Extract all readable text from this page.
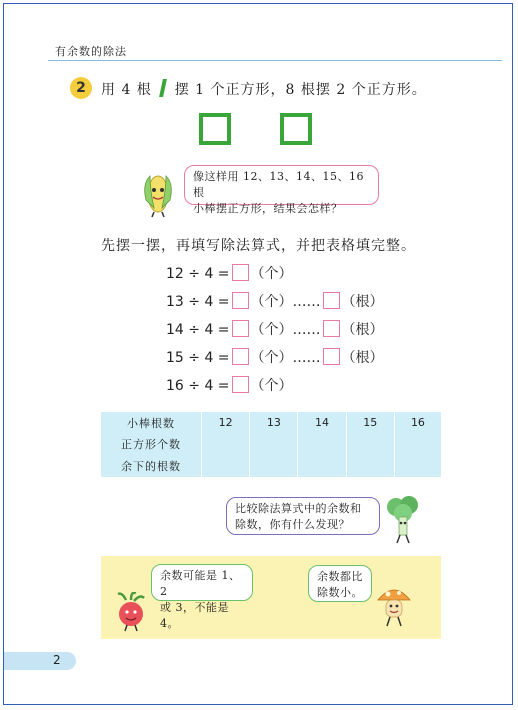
有余数的除法
2	用 4 根 摆 1 个正方形，8 根摆 2 个正方形。
像这样用 12、13、14、15、16 根
小棒摆正方形，结果会怎样？
先摆一摆，再填写除法算式，并把表格填完整。
12 ÷ 4 = （个）
13 ÷ 4 = （个）…… （根）
14 ÷ 4 = （个）…… （根）
15 ÷ 4 = （个）…… （根）
16 ÷ 4 = （个）
小棒根数	12	13	14	15	16
正方形个数					
余下的根数					
比较除法算式中的余数和
除数，你有什么发现？
余数可能是 1、2
或 3，不能是 4。
余数都比
除数小。
2
